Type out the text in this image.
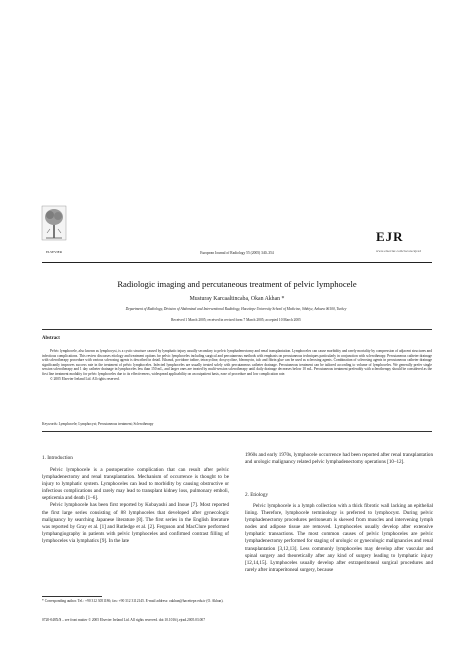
ELSEVIER	European Journal of Radiology 55 (2005) 340–354
EJR
www.elsevier.com/locate/ejrad
Radiologic imaging and percutaneous treatment of pelvic lymphocele
Musturay Karcaaltincaba, Okan Akhan *
Department of Radiology, Division of Abdominal and Interventional Radiology, Hacettepe University School of Medicine, Sihhiye, Ankara 06100, Turkey
Received 1 March 2005; received in revised form 7 March 2005; accepted 10 March 2005
Abstract
Pelvic lymphocele, also known as lymphocyst, is a cystic structure caused by lymphatic injury usually secondary to pelvic lymphadenectomy and renal transplantation. Lymphoceles can cause morbidity and rarely mortality by compression of adjacent structures and infectious complications. This review discusses etiology and treatment options for pelvic lymphoceles including surgical and percutaneous methods with emphasis on percutaneous techniques particularly in conjunction with sclerotherapy. Percutaneous catheter drainage with sclerotherapy procedure with various sclerosing agents is described in detail. Ethanol, povidone iodine, tetracycline, doxycycline, bleomycin, talc and fibrin glue can be used as sclerosing agents. Combination of sclerosing agents in percutaneous catheter drainage significantly improves success rate in the treatment of pelvic lymphoceles. Infected lymphoceles are usually treated solely with percutaneous catheter drainage. Percutaneous treatment can be tailored according to volume of lymphoceles. We generally prefer single session sclerotherapy and 1 day catheter drainage in lymphoceles less than 150 mL, and larger ones are treated by multi-session sclerotherapy until daily drainage decreases below 10 mL. Percutaneous treatment preferably with sclerotherapy should be considered as the first line treatment modality for pelvic lymphoceles due to its effectiveness, widespread applicability on an outpatient basis, ease of procedure and low complication rate.
© 2005 Elsevier Ireland Ltd. All rights reserved.
Keywords: Lymphocele; Lymphocyst; Percutaneous treatment; Sclerotherapy
1. Introduction

Pelvic lymphocele is a postoperative complication that can result after pelvic lymphadenectomy and renal transplantation. Mechanism of occurrence is thought to be injury to lymphatic system. Lymphoceles can lead to morbidity by causing obstructive or infectious complications and rarely may lead to transplant kidney loss, pulmonary emboli, septicemia and death [1–6].

Pelvic lymphocele has been first reported by Kobayashi and Inoue [7]. Most reported the first large series consisting of 88 lymphoceles that developed after gynecologic malignancy by searching Japanese literature [8]. The first series in the English literature was reported by Gray et al. [1] and Rutledge et al. [2]. Ferguson and MacClure performed lymphangiography in patients with pelvic lymphoceles and confirmed contrast filling of lymphoceles via lymphatics [9]. In the late

* Corresponding author. Tel.: +90 312 3051186; fax: +90 312 3112145. E-mail address: oakhan@hacettepe.edu.tr (O. Akhan).
0720-048X/$ – see front matter © 2005 Elsevier Ireland Ltd. All rights reserved. doi:10.1016/j.ejrad.2005.03.007
1960s and early 1970s, lymphocele occurrence had been reported after renal transplantation and urologic malignancy related pelvic lymphadenectomy operations [10–12].
2. Etiology

Pelvic lymphocele is a lymph collection with a thick fibrotic wall lacking an epithelial lining. Therefore, lymphocele terminology is preferred to lymphocyst. During pelvic lymphadenectomy procedures peritoneum is skewed from muscles and intervening lymph nodes and adipose tissue are removed. Lymphoceles usually develop after extensive lymphatic transactions. The most common causes of pelvic lymphoceles are pelvic lymphadenectomy performed for staging of urologic or gynecologic malignancies and renal transplantation [3,12,13]. Less commonly lymphoceles may develop after vascular and spinal surgery and theoretically after any kind of surgery leading to lymphatic injury [12,14,15]. Lymphoceles usually develop after extraperitoneal surgical procedures and rarely after intraperitoneal surgery, because
